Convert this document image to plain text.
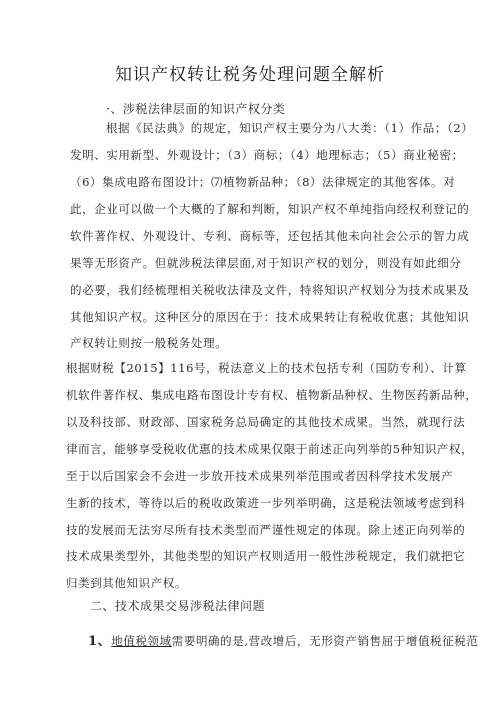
知识产权转让税务处理问题全解析
·、涉税法律层面的知识产权分类
根据《民法典》的规定，知识产权主要分为八大类：（1）作品；（2）
发明、实用新型、外观设计；（3）商标；（4）地理标志；（5）商业秘密；
（6）集成电路布图设计；⑺植物新品种；（8）法律规定的其他客体。对
此，企业可以做一个大概的了解和判断，知识产权不单纯指向经权利登记的
软件著作权、外观设计、专利、商标等，还包括其他未向社会公示的智力成
果等无形资产。但就涉税法律层面,对于知识产权的划分，则没有如此细分
的必要，我们经梳理相关税收法律及文件，特将知识产权划分为技术成果及
其他知识产权。这种区分的原因在于：技术成果转让有税收优惠；其他知识
产权转让则按一般税务处理。
根据财税【2015】116号，税法意义上的技术包括专利（国防专利）、计算
机软件著作权、集成电路布图设计专有权、植物新品种权、生物医药新品种，
以及科技部、财政部、国家税务总局确定的其他技术成果。当然，就现行法
律而言，能够享受税收优惠的技术成果仅限于前述正向列举的5种知识产权，
至于以后国家会不会进一步放开技术成果列举范围或者因科学技术发展产
生新的技术，等待以后的税收政策进一步列举明确，这是税法领域考虑到科
技的发展而无法穷尽所有技术类型而严谨性规定的体现。除上述正向列举的
技术成果类型外，其他类型的知识产权则适用一般性涉税规定，我们就把它
归类到其他知识产权。
二、技术成果交易涉税法律问题
1、地值税领域需要明确的是,营改增后，无形资产销售屈于增值税征税范
